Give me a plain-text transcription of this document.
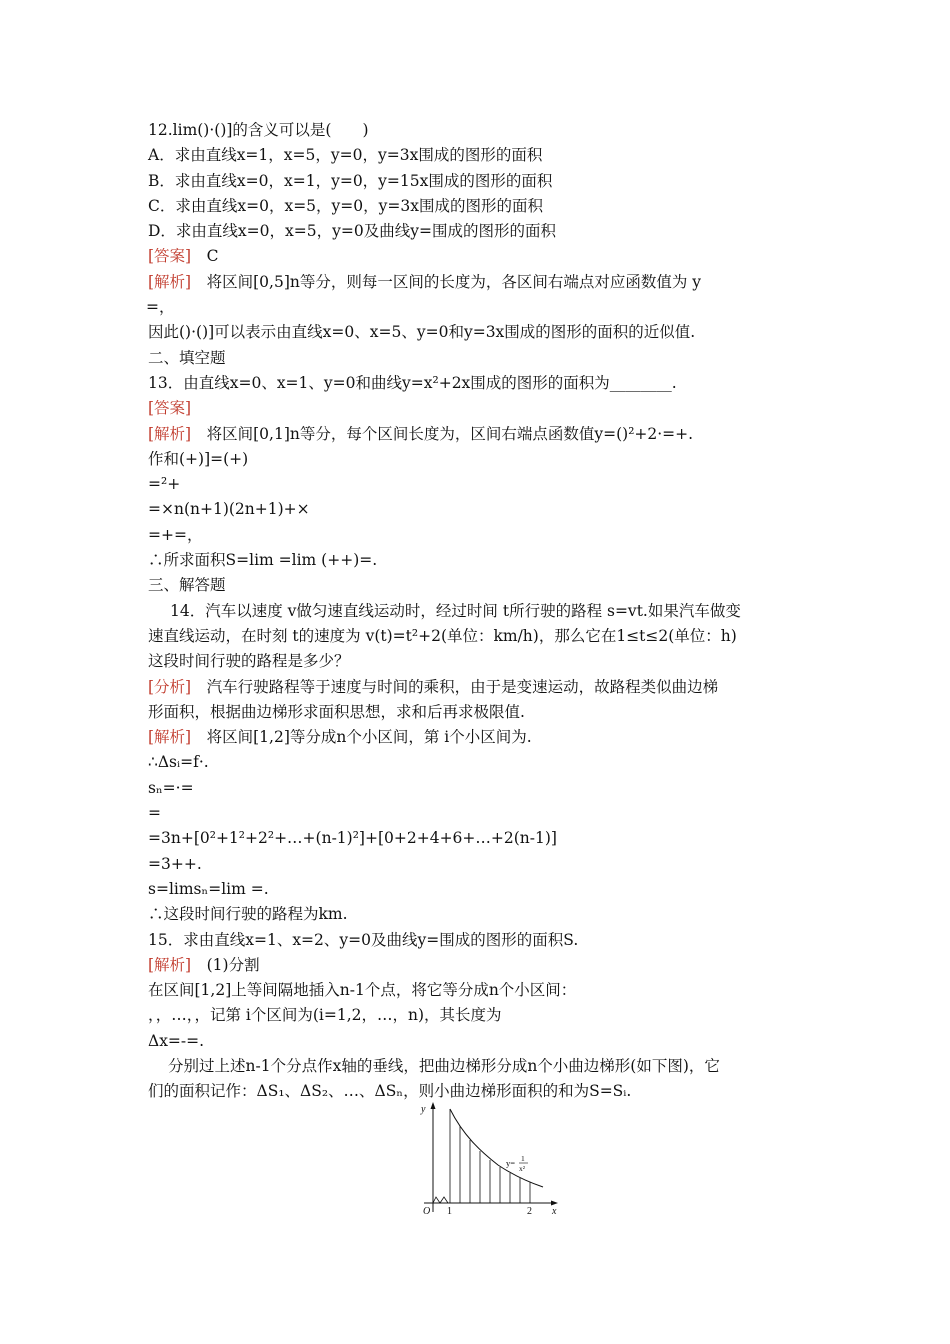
12.lim()·()]的含义可以是(　　)
A．求由直线x=1，x=5，y=0，y=3x围成的图形的面积
B．求由直线x=0，x=1，y=0，y=15x围成的图形的面积
C．求由直线x=0，x=5，y=0，y=3x围成的图形的面积
D．求由直线x=0，x=5，y=0及曲线y=围成的图形的面积
[答案]　 C
[解析]　 将区间[0,5]n等分，则每一区间的长度为，各区间右端点对应函数值为 y
=，
因此()·()]可以表示由直线x=0、x=5、y=0和y=3x围成的图形的面积的近似值.
二、填空题
13．由直线x=0、x=1、y=0和曲线y=x²+2x围成的图形的面积为________.
[答案]
[解析]　 将区间[0,1]n等分，每个区间长度为，区间右端点函数值y=()²+2·=+.
作和(+)]=(+)
=²+
=×n(n+1)(2n+1)+×
=+=，
∴所求面积S=lim =lim (++)=.
三、解答题
14．汽车以速度 v做匀速直线运动时，经过时间 t所行驶的路程 s=vt.如果汽车做变
速直线运动，在时刻 t的速度为 v(t)=t²+2(单位：km/h)，那么它在1≤t≤2(单位：h)
这段时间行驶的路程是多少？
[分析]　 汽车行驶路程等于速度与时间的乘积，由于是变速运动，故路程类似曲边梯
形面积，根据曲边梯形求面积思想，求和后再求极限值.
[解析]　 将区间[1,2]等分成n个小区间，第 i个小区间为.
∴Δsᵢ=f·.
sₙ=·=
=
=3n+[0²+1²+2²+…+(n-1)²]+[0+2+4+6+…+2(n-1)]
=3++.
s=limsₙ=lim =.
∴这段时间行驶的路程为km.
15．求由直线x=1、x=2、y=0及曲线y=围成的图形的面积S.
[解析]　 (1)分割
在区间[1,2]上等间隔地插入n-1个点，将它等分成n个小区间：
，，…，，记第 i个区间为(i=1,2，…，n)，其长度为
Δx=-=.
分别过上述n-1个分点作x轴的垂线，把曲边梯形分成n个小曲边梯形(如下图)，它
们的面积记作：ΔS₁、ΔS₂、…、ΔSₙ，则小曲边梯形面积的和为S=Sᵢ.
y
x
O 1	2
y= 1
x²
